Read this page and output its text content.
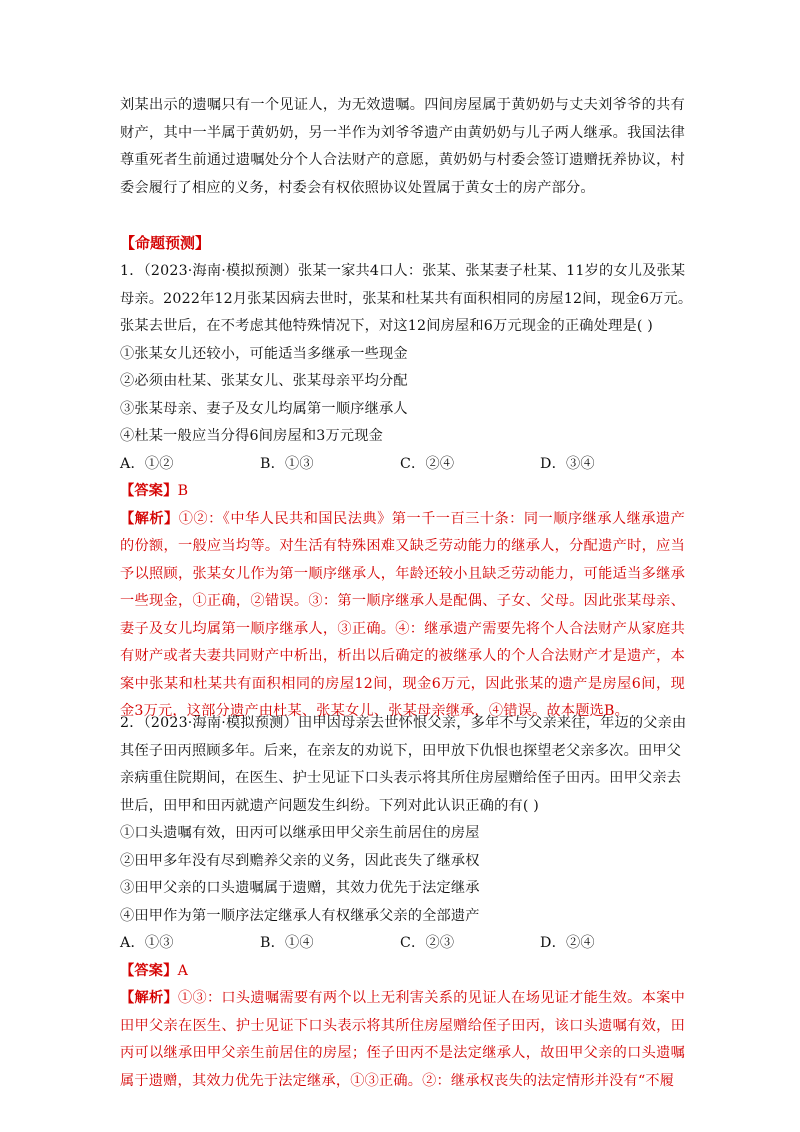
刘某出示的遗嘱只有一个见证人，为无效遗嘱。四间房屋属于黄奶奶与丈夫刘爷爷的共有财产，其中一半属于黄奶奶，另一半作为刘爷爷遗产由黄奶奶与儿子两人继承。我国法律尊重死者生前通过遗嘱处分个人合法财产的意愿，黄奶奶与村委会签订遗赠抚养协议，村委会履行了相应的义务，村委会有权依照协议处置属于黄女士的房产部分。
【命题预测】
1．（2023·海南·模拟预测）张某一家共4口人：张某、张某妻子杜某、11岁的女儿及张某
母亲。2022年12月张某因病去世时，张某和杜某共有面积相同的房屋12间，现金6万元。
张某去世后，在不考虑其他特殊情况下，对这12间房屋和6万元现金的正确处理是( )
①张某女儿还较小，可能适当多继承一些现金
②必须由杜某、张某女儿、张某母亲平均分配
③张某母亲、妻子及女儿均属第一顺序继承人
④杜某一般应当分得6间房屋和3万元现金
A．①②	B．①③	C．②④	D．③④
【答案】B
【解析】①②：《中华人民共和国民法典》第一千一百三十条：同一顺序继承人继承遗产的份额，一般应当均等。对生活有特殊困难又缺乏劳动能力的继承人，分配遗产时，应当予以照顾，张某女儿作为第一顺序继承人，年龄还较小且缺乏劳动能力，可能适当多继承一些现金，①正确，②错误。③：第一顺序继承人是配偶、子女、父母。因此张某母亲、妻子及女儿均属第一顺序继承人，③正确。④：继承遗产需要先将个人合法财产从家庭共有财产或者夫妻共同财产中析出，析出以后确定的被继承人的个人合法财产才是遗产，本案中张某和杜某共有面积相同的房屋12间，现金6万元，因此张某的遗产是房屋6间，现金3万元，这部分遗产由杜某、张某女儿、张某母亲继承，④错误。故本题选B。
2．（2023·海南·模拟预测）田甲因母亲去世怀恨父亲，多年不与父亲来往，年迈的父亲由
其侄子田丙照顾多年。后来，在亲友的劝说下，田甲放下仇恨也探望老父亲多次。田甲父
亲病重住院期间，在医生、护士见证下口头表示将其所住房屋赠给侄子田丙。田甲父亲去
世后，田甲和田丙就遗产问题发生纠纷。下列对此认识正确的有( )
①口头遗嘱有效，田丙可以继承田甲父亲生前居住的房屋
②田甲多年没有尽到赡养父亲的义务，因此丧失了继承权
③田甲父亲的口头遗嘱属于遗赠，其效力优先于法定继承
④田甲作为第一顺序法定继承人有权继承父亲的全部遗产
A．①③	B．①④	C．②③	D．②④
【答案】A
【解析】①③：口头遗嘱需要有两个以上无利害关系的见证人在场见证才能生效。本案中田甲父亲在医生、护士见证下口头表示将其所住房屋赠给侄子田丙，该口头遗嘱有效，田丙可以继承田甲父亲生前居住的房屋；侄子田丙不是法定继承人，故田甲父亲的口头遗嘱属于遗赠，其效力优先于法定继承，①③正确。②：继承权丧失的法定情形并没有“不履
